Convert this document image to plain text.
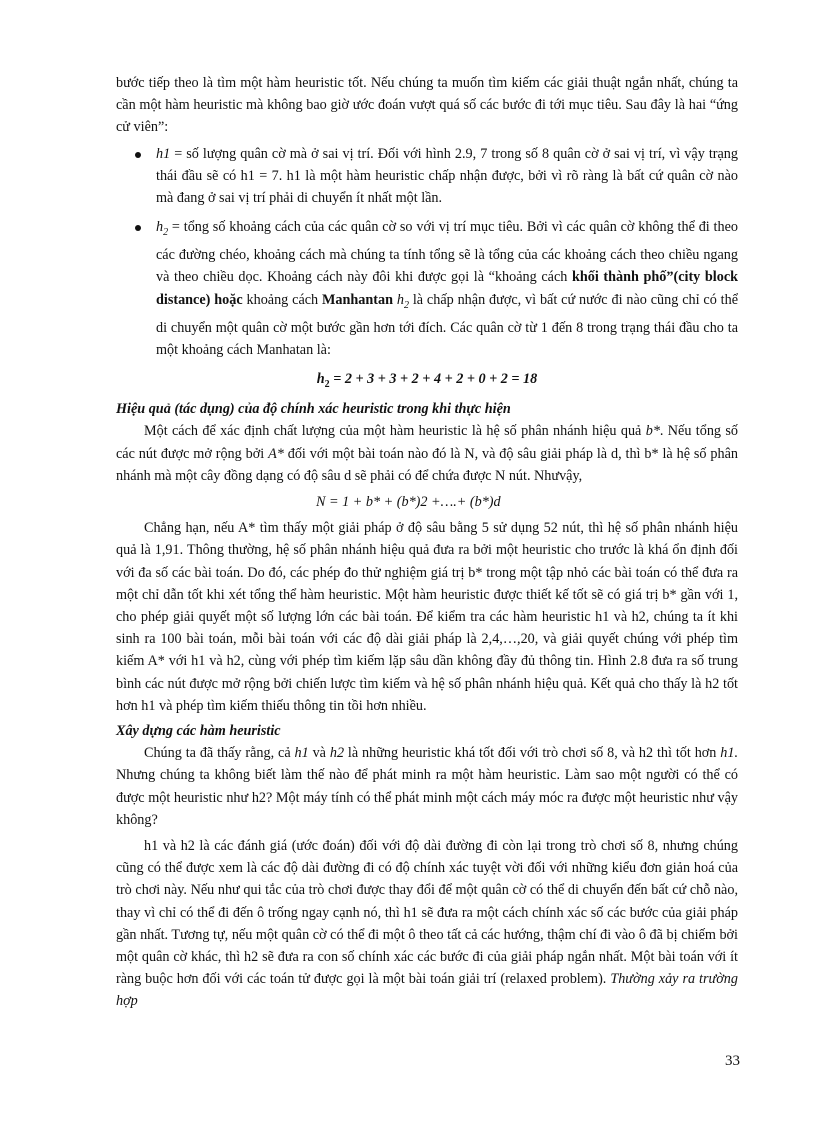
bước tiếp theo là tìm một hàm heuristic tốt. Nếu chúng ta muốn tìm kiếm các giải thuật ngắn nhất, chúng ta cần một hàm heuristic mà không bao giờ ước đoán vượt quá số các bước đi tới mục tiêu. Sau đây là hai “ứng cử viên”:

h1 = số lượng quân cờ mà ở sai vị trí. Đối với hình 2.9, 7 trong số 8 quân cờ ở sai vị trí, vì vậy trạng thái đầu sẽ có h1 = 7. h1 là một hàm heuristic chấp nhận được, bởi vì rõ ràng là bất cứ quân cờ nào mà đang ở sai vị trí phải di chuyển ít nhất một lần.
$h_2$ = tổng số khoảng cách của các quân cờ so với vị trí mục tiêu. Bởi vì các quân cờ không thể đi theo các đường chéo, khoảng cách mà chúng ta tính tổng sẽ là tổng của các khoảng cách theo chiều ngang và theo chiều dọc. Khoảng cách này đôi khi được gọi là “khoảng cách khối thành phố”(city block distance) hoặc khoảng cách Manhantan $h_2$ là chấp nhận được, vì bất cứ nước đi nào cũng chỉ có thể di chuyển một quân cờ một bước gần hơn tới đích. Các quân cờ từ 1 đến 8 trong trạng thái đầu cho ta một khoảng cách Manhatan là:

$h_2 = 2 + 3 + 3 + 2 + 4 + 2 + 0 + 2 = 18$

Hiệu quả (tác dụng) của độ chính xác heuristic trong khi thực hiện

Một cách để xác định chất lượng của một hàm heuristic là hệ số phân nhánh hiệu quả b*. Nếu tổng số các nút được mở rộng bởi A* đối với một bài toán nào đó là N, và độ sâu giải pháp là d, thì b* là hệ số phân nhánh mà một cây đồng dạng có độ sâu d sẽ phải có để chứa được N nút. Nhưvậy,

N = 1 + b* + (b*)2 +….+ (b*)d

Chẳng hạn, nếu A* tìm thấy một giải pháp ở độ sâu bằng 5 sử dụng 52 nút, thì hệ số phân nhánh hiệu quả là 1,91. Thông thường, hệ số phân nhánh hiệu quả đưa ra bởi một heuristic cho trước là khá ổn định đối với đa số các bài toán. Do đó, các phép đo thử nghiệm giá trị b* trong một tập nhỏ các bài toán có thể đưa ra một chỉ dẫn tốt khi xét tổng thể hàm heuristic. Một hàm heuristic được thiết kế tốt sẽ có giá trị b* gần với 1, cho phép giải quyết một số lượng lớn các bài toán. Để kiểm tra các hàm heuristic h1 và h2, chúng ta ít khi sinh ra 100 bài toán, mỗi bài toán với các độ dài giải pháp là 2,4,…,20, và giải quyết chúng với phép tìm kiếm A* với h1 và h2, cùng với phép tìm kiếm lặp sâu dần không đầy đủ thông tin. Hình 2.8 đưa ra số trung bình các nút được mở rộng bởi chiến lược tìm kiếm và hệ số phân nhánh hiệu quả. Kết quả cho thấy là h2 tốt hơn h1 và phép tìm kiếm thiếu thông tin tồi hơn nhiều.

Xây dựng các hàm heuristic

Chúng ta đã thấy rằng, cả h1 và h2 là những heuristic khá tốt đối với trò chơi số 8, và h2 thì tốt hơn h1. Nhưng chúng ta không biết làm thế nào để phát minh ra một hàm heuristic. Làm sao một người có thể có được một heuristic như h2? Một máy tính có thể phát minh một cách máy móc ra được một heuristic như vậy không?

h1 và h2 là các đánh giá (ước đoán) đối với độ dài đường đi còn lại trong trò chơi số 8, nhưng chúng cũng có thể được xem là các độ dài đường đi có độ chính xác tuyệt vời đối với những kiểu đơn giản hoá của trò chơi này. Nếu như qui tắc của trò chơi được thay đổi để một quân cờ có thể di chuyển đến bất cứ chỗ nào, thay vì chỉ có thể đi đến ô trống ngay cạnh nó, thì h1 sẽ đưa ra một cách chính xác số các bước của giải pháp gần nhất. Tương tự, nếu một quân cờ có thể đi một ô theo tất cả các hướng, thậm chí đi vào ô đã bị chiếm bởi một quân cờ khác, thì h2 sẽ đưa ra con số chính xác các bước đi của giải pháp ngắn nhất. Một bài toán với ít ràng buộc hơn đối với các toán tử được gọi là một bài toán giải trí (relaxed problem). Thường xảy ra trường hợp

33
